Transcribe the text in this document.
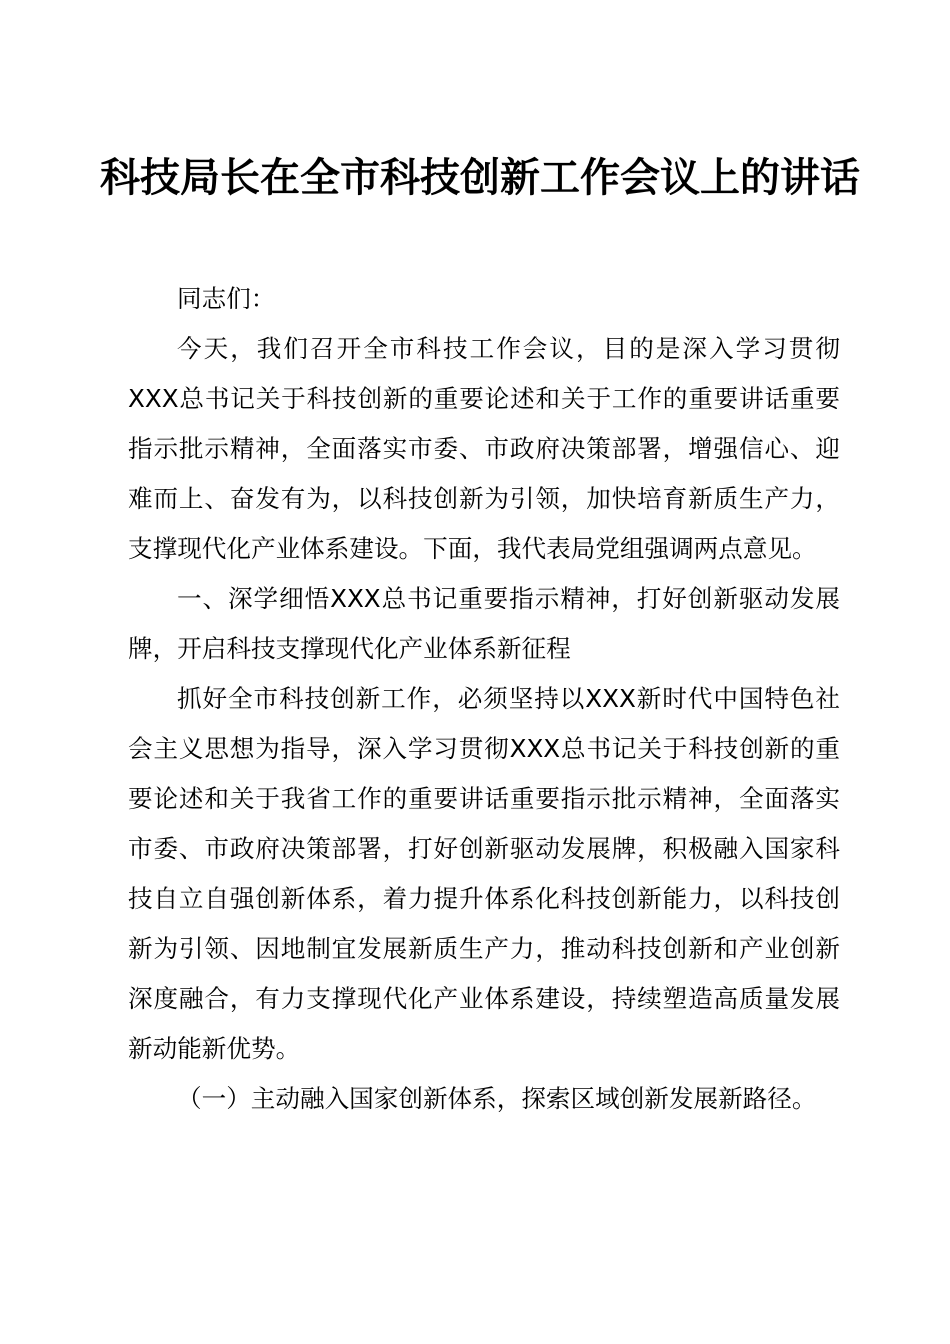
科技局长在全市科技创新工作会议上的讲话

同志们：

今天，我们召开全市科技工作会议，目的是深入学习贯彻XXX总书记关于科技创新的重要论述和关于工作的重要讲话重要指示批示精神，全面落实市委、市政府决策部署，增强信心、迎难而上、奋发有为，以科技创新为引领，加快培育新质生产力，支撑现代化产业体系建设。下面，我代表局党组强调两点意见。

一、深学细悟XXX总书记重要指示精神，打好创新驱动发展牌，开启科技支撑现代化产业体系新征程

抓好全市科技创新工作，必须坚持以XXX新时代中国特色社会主义思想为指导，深入学习贯彻XXX总书记关于科技创新的重要论述和关于我省工作的重要讲话重要指示批示精神，全面落实市委、市政府决策部署，打好创新驱动发展牌，积极融入国家科技自立自强创新体系，着力提升体系化科技创新能力，以科技创新为引领、因地制宜发展新质生产力，推动科技创新和产业创新深度融合，有力支撑现代化产业体系建设，持续塑造高质量发展新动能新优势。

（一）主动融入国家创新体系，探索区域创新发展新路径。
